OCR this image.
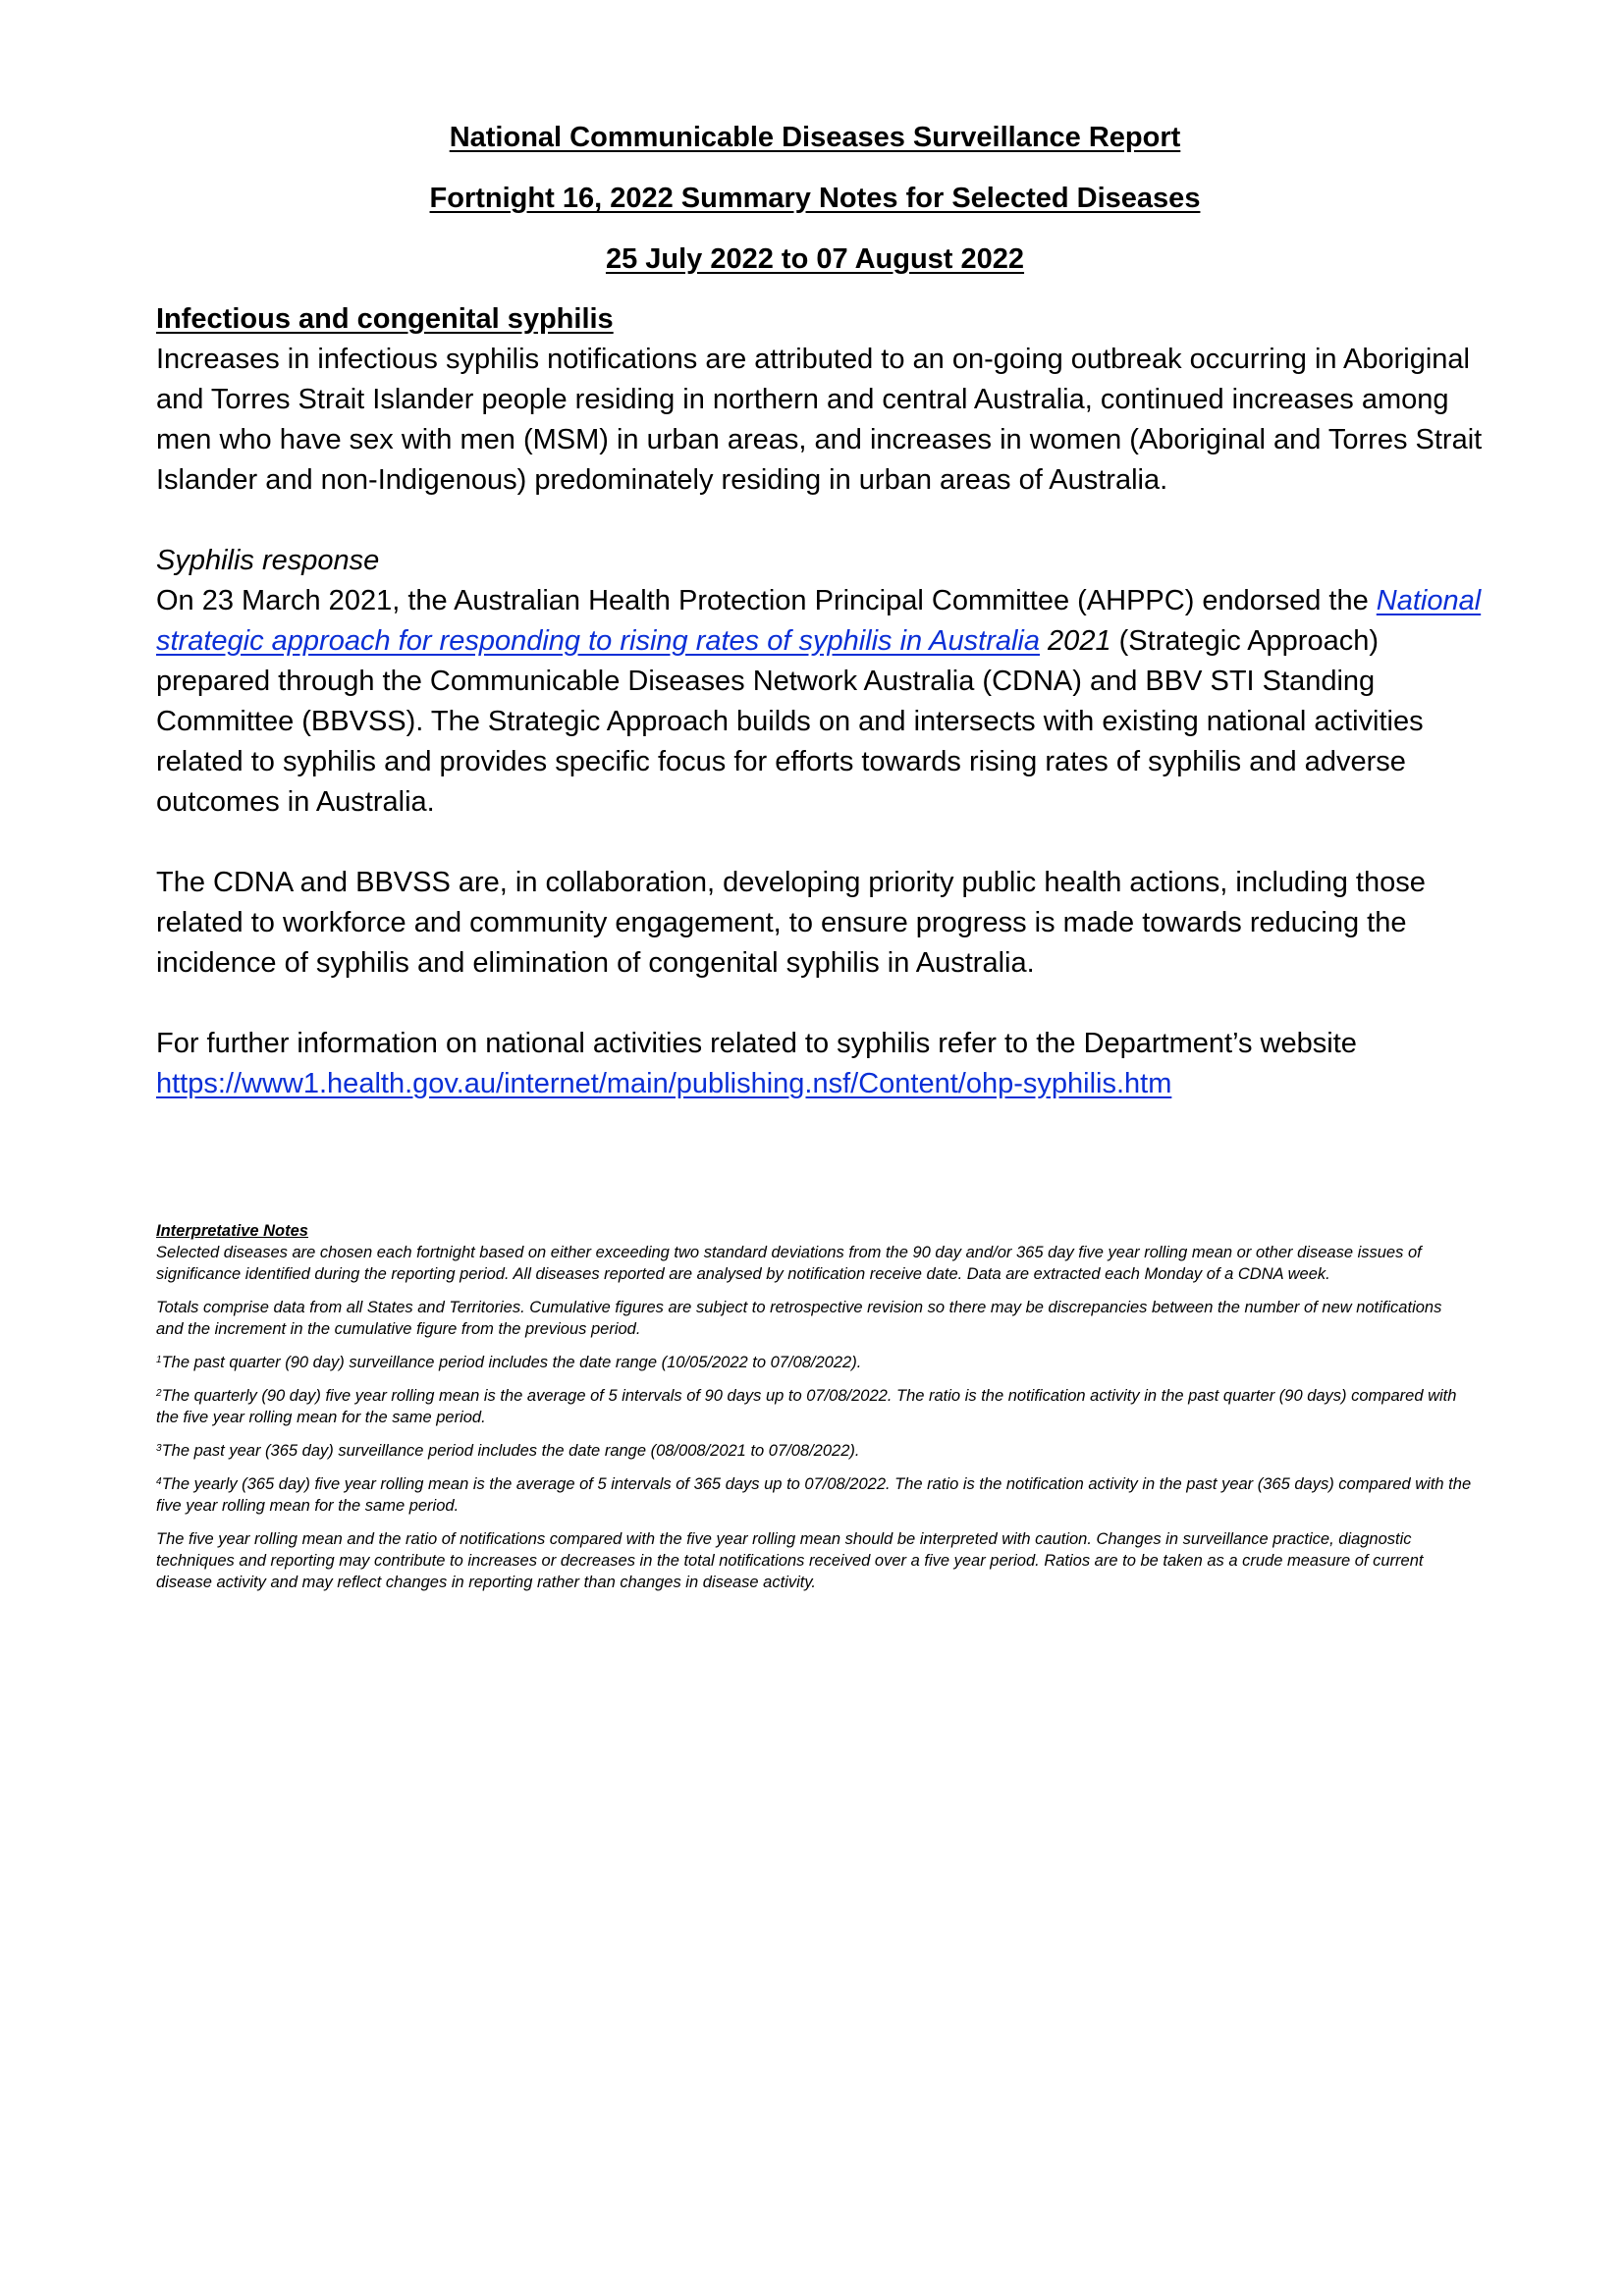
National Communicable Diseases Surveillance Report
Fortnight 16, 2022 Summary Notes for Selected Diseases
25 July 2022 to 07 August 2022

Infectious and congenital syphilis

Increases in infectious syphilis notifications are attributed to an on-going outbreak occurring in Aboriginal and Torres Strait Islander people residing in northern and central Australia, continued increases among men who have sex with men (MSM) in urban areas, and increases in women (Aboriginal and Torres Strait Islander and non-Indigenous) predominately residing in urban areas of Australia.

Syphilis response

On 23 March 2021, the Australian Health Protection Principal Committee (AHPPC) endorsed the National strategic approach for responding to rising rates of syphilis in Australia 2021 (Strategic Approach) prepared through the Communicable Diseases Network Australia (CDNA) and BBV STI Standing Committee (BBVSS). The Strategic Approach builds on and intersects with existing national activities related to syphilis and provides specific focus for efforts towards rising rates of syphilis and adverse outcomes in Australia.

The CDNA and BBVSS are, in collaboration, developing priority public health actions, including those related to workforce and community engagement, to ensure progress is made towards reducing the incidence of syphilis and elimination of congenital syphilis in Australia.

For further information on national activities related to syphilis refer to the Department’s website

https://www1.health.gov.au/internet/main/publishing.nsf/Content/ohp-syphilis.htm

Interpretative Notes

Selected diseases are chosen each fortnight based on either exceeding two standard deviations from the 90 day and/or 365 day five year rolling mean or other disease issues of significance identified during the reporting period. All diseases reported are analysed by notification receive date. Data are extracted each Monday of a CDNA week.

Totals comprise data from all States and Territories. Cumulative figures are subject to retrospective revision so there may be discrepancies between the number of new notifications and the increment in the cumulative figure from the previous period.

$^1$The past quarter (90 day) surveillance period includes the date range (10/05/2022 to 07/08/2022).

$^2$The quarterly (90 day) five year rolling mean is the average of 5 intervals of 90 days up to 07/08/2022. The ratio is the notification activity in the past quarter (90 days) compared with the five year rolling mean for the same period.

$^3$The past year (365 day) surveillance period includes the date range (08/008/2021 to 07/08/2022).

$^4$The yearly (365 day) five year rolling mean is the average of 5 intervals of 365 days up to 07/08/2022. The ratio is the notification activity in the past year (365 days) compared with the five year rolling mean for the same period.

The five year rolling mean and the ratio of notifications compared with the five year rolling mean should be interpreted with caution. Changes in surveillance practice, diagnostic techniques and reporting may contribute to increases or decreases in the total notifications received over a five year period. Ratios are to be taken as a crude measure of current disease activity and may reflect changes in reporting rather than changes in disease activity.
